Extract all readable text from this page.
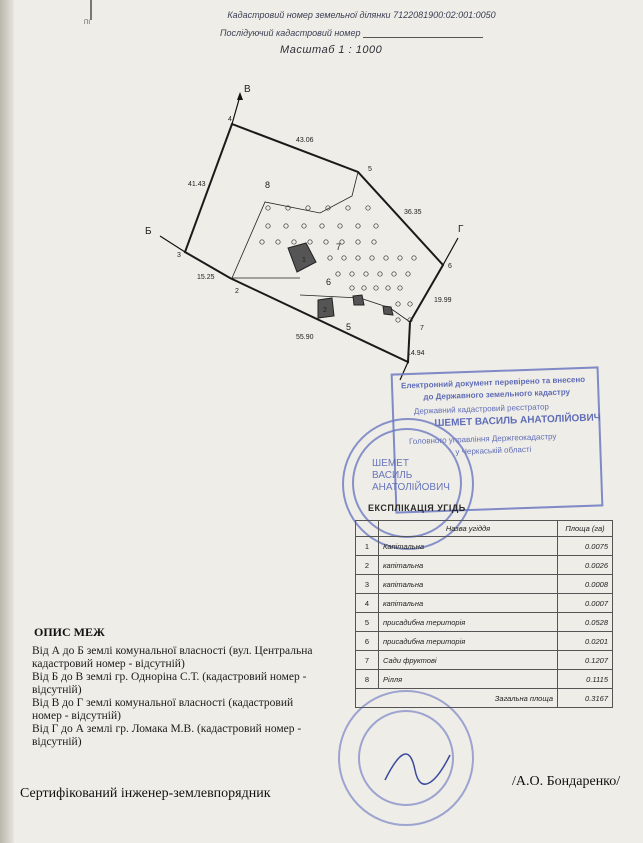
ПІ
Кадастровий номер земельної ділянки 7122081900:02:001:0050
Послідуючий кадастровий номер
Масштаб 1 : 1000
В
Б	Г
2
3
4
5
6
7
43.06
36.35
19.99
14.94
55.90
15.25
41.43
1
2
5
6
7
8
Електронний документ перевірено та внесено
до Державного земельного кадастру
Державний кадастровий реєстратор
ШЕМЕТ ВАСИЛЬ АНАТОЛІЙОВИЧ
Головного управління Держгеокадастру
у Черкаській області
ШЕМЕТ ВАСИЛЬ АНАТОЛІЙОВИЧ
ЕКСПЛІКАЦІЯ УГІДЬ
	Назва угіддя	Площа (га)
1	Капітальна	0.0075
2	капітальна	0.0026
3	капітальна	0.0008
4	капітальна	0.0007
5	присадибна територія	0.0528
6	присадибна територія	0.0201
7	Сади фруктові	0.1207
8	Рілля	0.1115
Загальна площа		0.3167
ОПИС МЕЖ
Від А до Б землі комунальної власності (вул. Центральна кадастровий номер - відсутній)
Від Б до В землі гр. Одноріна С.Т. (кадастровий номер - відсутній)
Від В до Г землі комунальної власності (кадастровий номер - відсутній)
Від Г до А землі гр. Ломака М.В. (кадастровий номер - відсутній)
Сертифікований інженер-землевпорядник
/А.О. Бондаренко/
